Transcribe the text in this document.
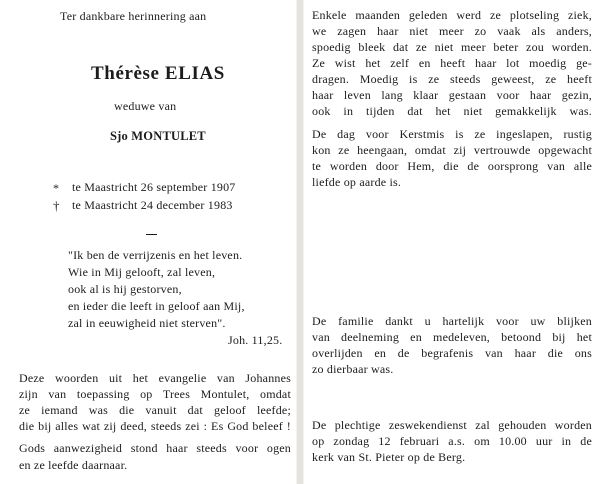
Ter dankbare herinnering aan
Thérèse ELIAS
weduwe van
Sjo MONTULET
* te Maastricht 26 september 1907
† te Maastricht 24 december 1983
"Ik ben de verrijzenis en het leven.
Wie in Mij gelooft, zal leven,
ook al is hij gestorven,
en ieder die leeft in geloof aan Mij,
zal in eeuwigheid niet sterven".
Joh. 11,25.
Deze woorden uit het evangelie van Johannes
zijn van toepassing op Trees Montulet, omdat
ze iemand was die vanuit dat geloof leefde;
die bij alles wat zij deed, steeds zei : Es God beleef !
Gods aanwezigheid stond haar steeds voor ogen
en ze leefde daarnaar.
Enkele maanden geleden werd ze plotseling ziek,
we zagen haar niet meer zo vaak als anders,
spoedig bleek dat ze niet meer beter zou worden.
Ze wist het zelf en heeft haar lot moedig ge-
dragen. Moedig is ze steeds geweest, ze heeft
haar leven lang klaar gestaan voor haar gezin,
ook in tijden dat het niet gemakkelijk was.
De dag voor Kerstmis is ze ingeslapen, rustig
kon ze heengaan, omdat zij vertrouwde opgewacht
te worden door Hem, die de oorsprong van alle
liefde op aarde is.
De familie dankt u hartelijk voor uw blijken
van deelneming en medeleven, betoond bij het
overlijden en de begrafenis van haar die ons
zo dierbaar was.
De plechtige zeswekendienst zal gehouden worden
op zondag 12 februari a.s. om 10.00 uur in de
kerk van St. Pieter op de Berg.
